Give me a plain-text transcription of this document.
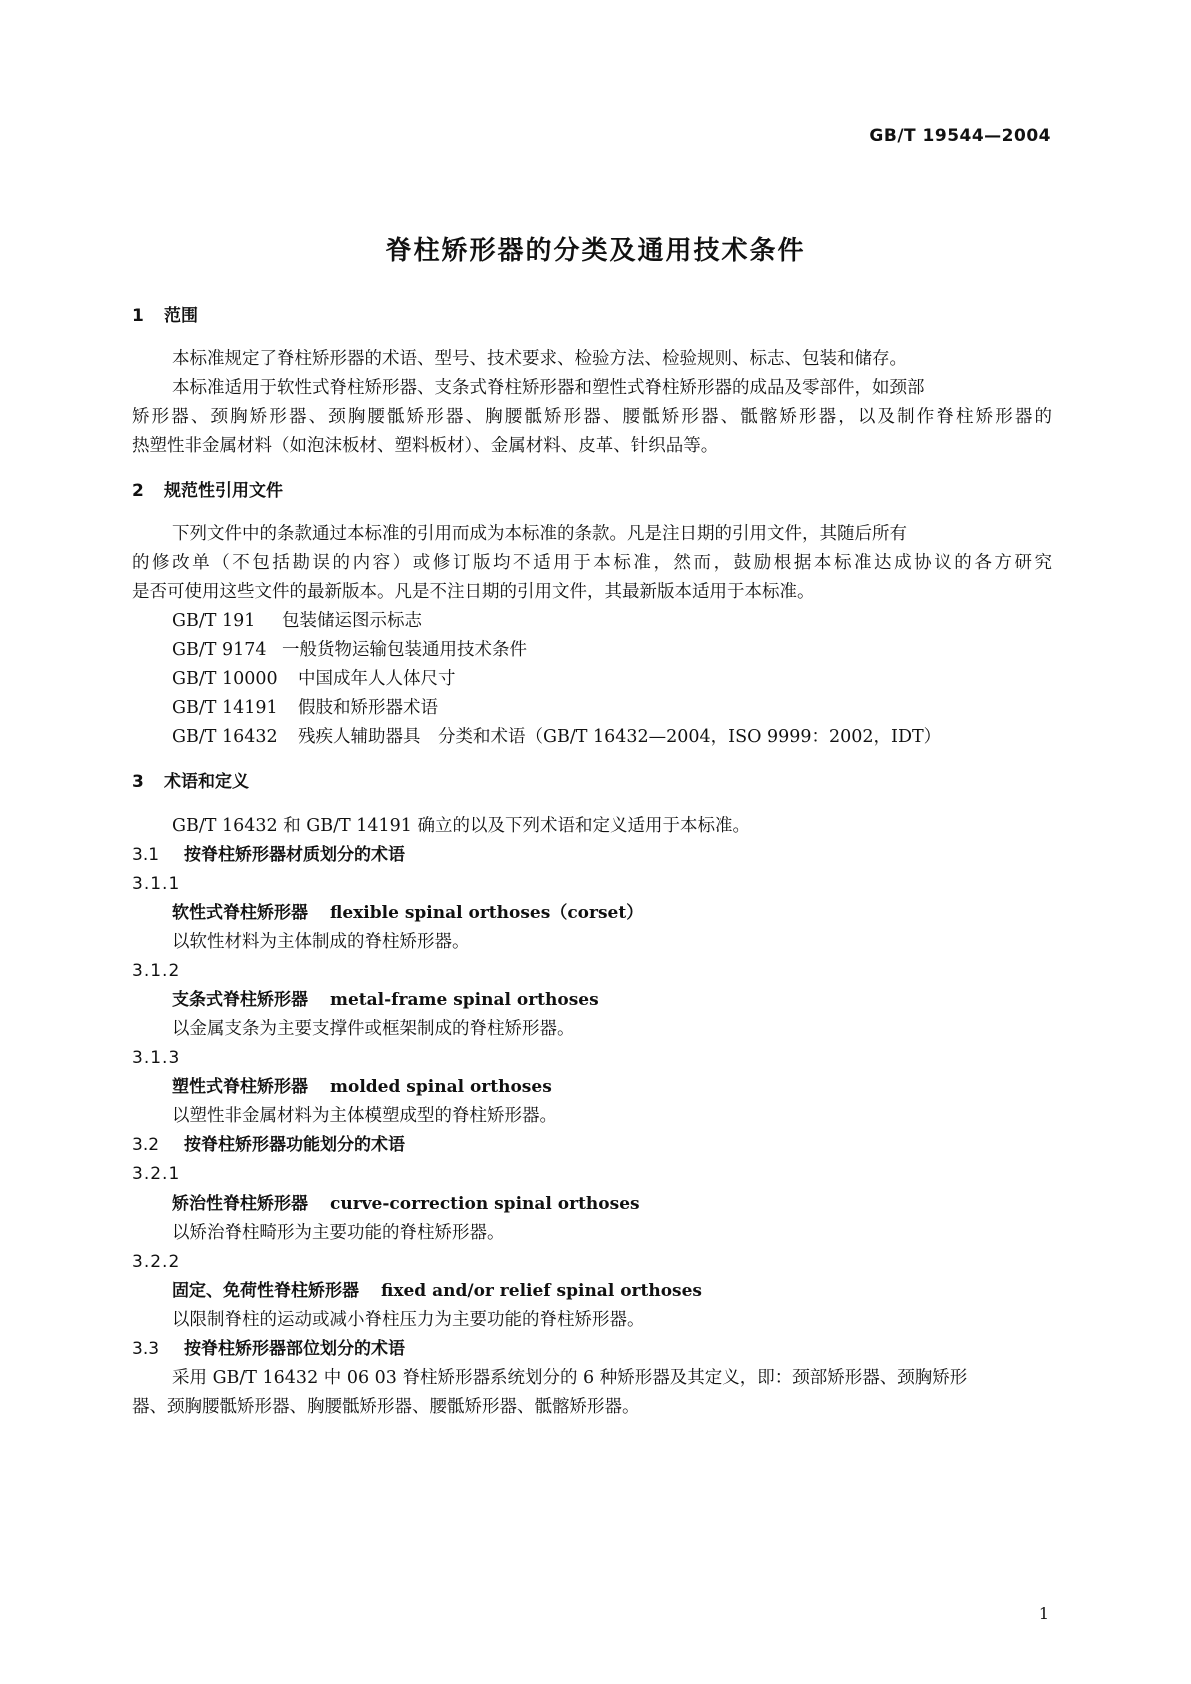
GB/T 19544—2004
脊柱矫形器的分类及通用技术条件
1 范围
本标准规定了脊柱矫形器的术语、型号、技术要求、检验方法、检验规则、标志、包装和储存。
本标准适用于软性式脊柱矫形器、支条式脊柱矫形器和塑性式脊柱矫形器的成品及零部件，如颈部
矫形器、颈胸矫形器、颈胸腰骶矫形器、胸腰骶矫形器、腰骶矫形器、骶髂矫形器，以及制作脊柱矫形器的
热塑性非金属材料（如泡沫板材、塑料板材）、金属材料、皮革、针织品等。
2 规范性引用文件
下列文件中的条款通过本标准的引用而成为本标准的条款。凡是注日期的引用文件，其随后所有
的修改单（不包括勘误的内容）或修订版均不适用于本标准，然而，鼓励根据本标准达成协议的各方研究
是否可使用这些文件的最新版本。凡是不注日期的引用文件，其最新版本适用于本标准。
GB/T 191 包装储运图示标志
GB/T 9174 一般货物运输包装通用技术条件
GB/T 10000 中国成年人人体尺寸
GB/T 14191 假肢和矫形器术语
GB/T 16432 残疾人辅助器具　分类和术语（GB/T 16432—2004，ISO 9999：2002，IDT）
3 术语和定义
GB/T 16432 和 GB/T 14191 确立的以及下列术语和定义适用于本标准。
3.1 按脊柱矫形器材质划分的术语
3.1.1
软性式脊柱矫形器 flexible spinal orthoses（corset）
以软性材料为主体制成的脊柱矫形器。
3.1.2
支条式脊柱矫形器 metal-frame spinal orthoses
以金属支条为主要支撑件或框架制成的脊柱矫形器。
3.1.3
塑性式脊柱矫形器 molded spinal orthoses
以塑性非金属材料为主体模塑成型的脊柱矫形器。
3.2 按脊柱矫形器功能划分的术语
3.2.1
矫治性脊柱矫形器 curve-correction spinal orthoses
以矫治脊柱畸形为主要功能的脊柱矫形器。
3.2.2
固定、免荷性脊柱矫形器 fixed and/or relief spinal orthoses
以限制脊柱的运动或减小脊柱压力为主要功能的脊柱矫形器。
3.3 按脊柱矫形器部位划分的术语
采用 GB/T 16432 中 06 03 脊柱矫形器系统划分的 6 种矫形器及其定义，即：颈部矫形器、颈胸矫形
器、颈胸腰骶矫形器、胸腰骶矫形器、腰骶矫形器、骶髂矫形器。
1
